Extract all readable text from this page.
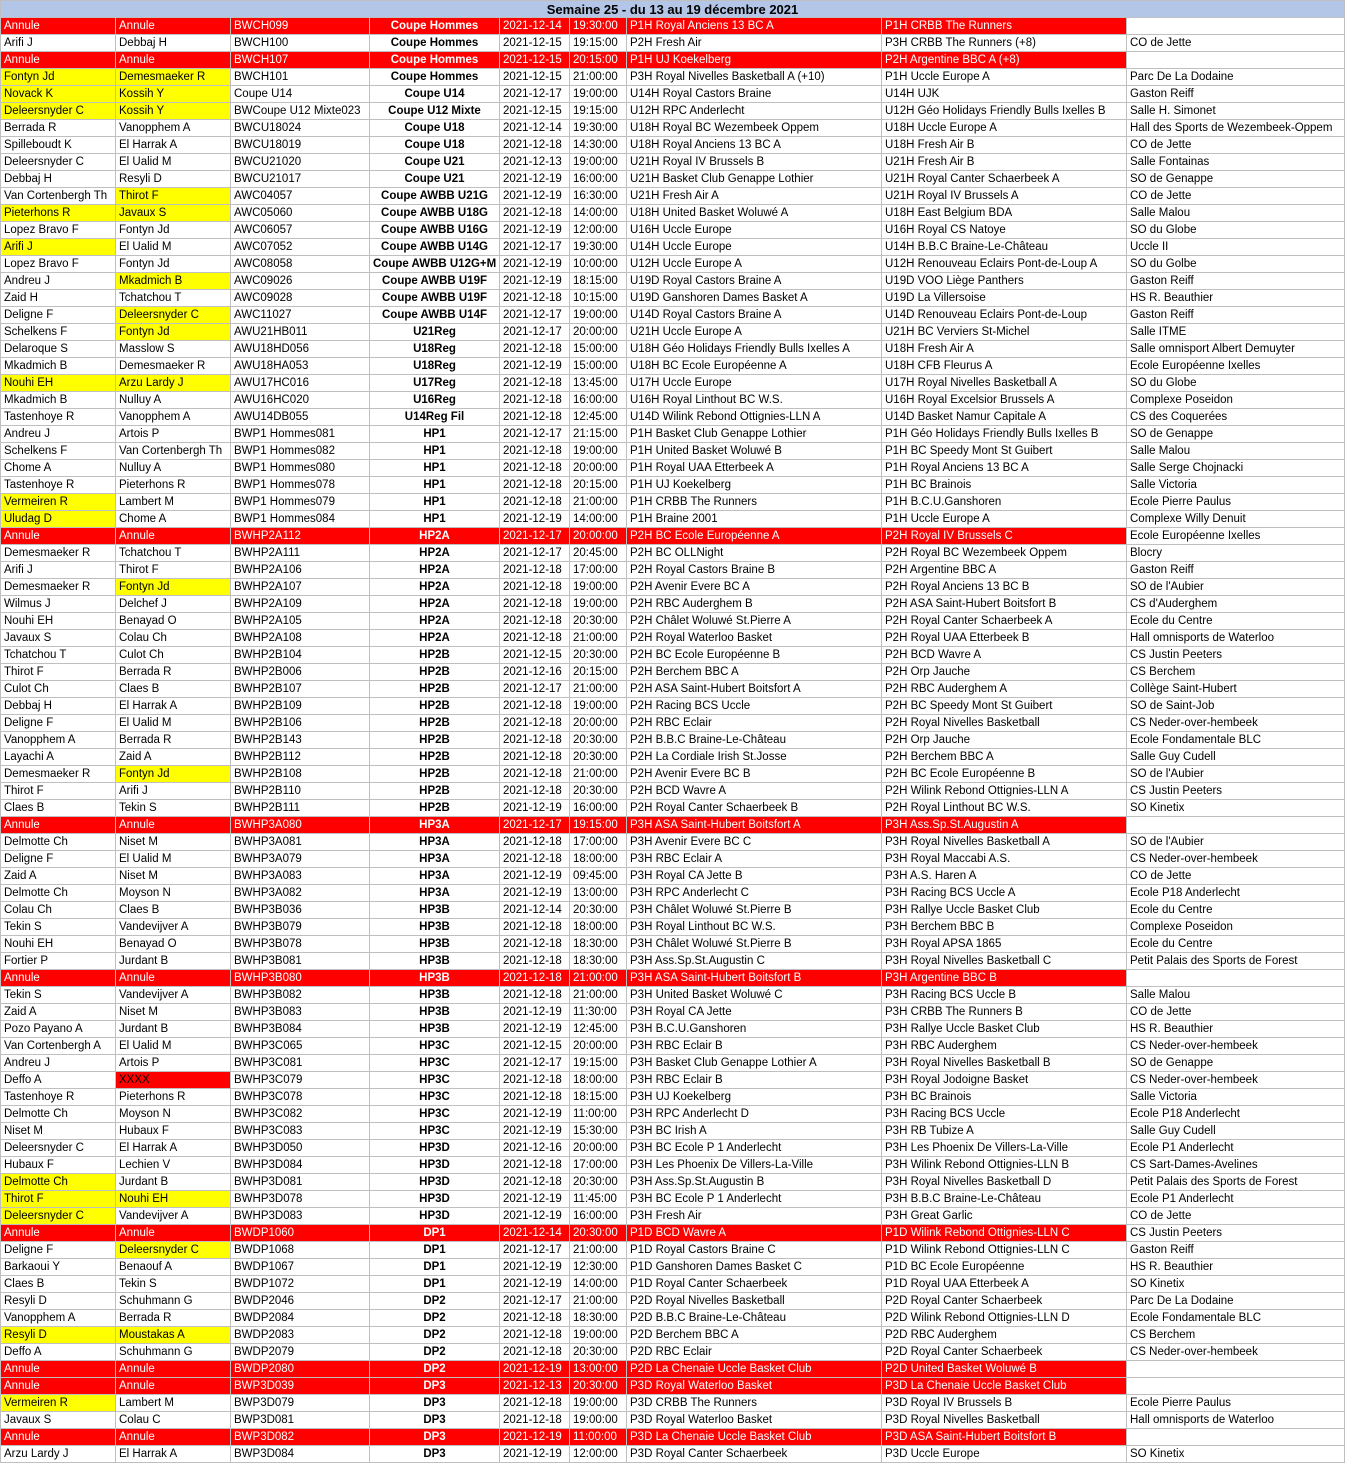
Semaine 25 - du 13 au 19 décembre 2021								
Annule	Annule	BWCH099	Coupe Hommes	2021-12-14	19:30:00	P1H Royal Anciens 13 BC A	P1H CRBB The Runners	
Arifi J	Debbaj H	BWCH100	Coupe Hommes	2021-12-15	19:15:00	P2H Fresh Air	P3H CRBB The Runners (+8)	CO de Jette
Annule	Annule	BWCH107	Coupe Hommes	2021-12-15	20:15:00	P1H UJ Koekelberg	P2H Argentine BBC A (+8)	
Fontyn Jd	Demesmaeker R	BWCH101	Coupe Hommes	2021-12-15	21:00:00	P3H Royal Nivelles Basketball A (+10)	P1H Uccle Europe A	Parc De La Dodaine
Novack K	Kossih Y	Coupe U14	Coupe U14	2021-12-17	19:00:00	U14H Royal Castors Braine	U14H UJK	Gaston Reiff
Deleersnyder C	Kossih Y	BWCoupe U12 Mixte023	Coupe U12 Mixte	2021-12-15	19:15:00	U12H RPC Anderlecht	U12H Géo Holidays Friendly Bulls Ixelles B	Salle H. Simonet
Berrada R	Vanopphem A	BWCU18024	Coupe U18	2021-12-14	19:30:00	U18H Royal BC Wezembeek Oppem	U18H Uccle Europe A	Hall des Sports de Wezembeek-Oppem
Spilleboudt K	El Harrak A	BWCU18019	Coupe U18	2021-12-18	14:30:00	U18H Royal Anciens 13 BC A	U18H Fresh Air B	CO de Jette
Deleersnyder C	El Ualid M	BWCU21020	Coupe U21	2021-12-13	19:00:00	U21H Royal IV Brussels B	U21H Fresh Air B	Salle Fontainas
Debbaj H	Resyli D	BWCU21017	Coupe U21	2021-12-19	16:00:00	U21H Basket Club Genappe Lothier	U21H Royal Canter Schaerbeek A	SO de Genappe
Van Cortenbergh Th	Thirot F	AWC04057	Coupe AWBB U21G	2021-12-19	16:30:00	U21H Fresh Air A	U21H Royal IV Brussels A	CO de Jette
Pieterhons R	Javaux S	AWC05060	Coupe AWBB U18G	2021-12-18	14:00:00	U18H United Basket Woluwé A	U18H East Belgium BDA	Salle Malou
Lopez Bravo F	Fontyn Jd	AWC06057	Coupe AWBB U16G	2021-12-19	12:00:00	U16H Uccle Europe	U16H Royal CS Natoye	SO du Globe
Arifi J	El Ualid M	AWC07052	Coupe AWBB U14G	2021-12-17	19:30:00	U14H Uccle Europe	U14H B.B.C Braine-Le-Château	Uccle II
Lopez Bravo F	Fontyn Jd	AWC08058	Coupe AWBB U12G+M	2021-12-19	10:00:00	U12H Uccle Europe A	U12H Renouveau Eclairs Pont-de-Loup A	SO du Golbe
Andreu J	Mkadmich B	AWC09026	Coupe AWBB U19F	2021-12-19	18:15:00	U19D Royal Castors Braine A	U19D VOO Liège Panthers	Gaston Reiff
Zaid H	Tchatchou T	AWC09028	Coupe AWBB U19F	2021-12-18	10:15:00	U19D Ganshoren Dames Basket A	U19D La Villersoise	HS R. Beauthier
Deligne F	Deleersnyder C	AWC11027	Coupe AWBB U14F	2021-12-17	19:00:00	U14D Royal Castors Braine A	U14D Renouveau Eclairs Pont-de-Loup	Gaston Reiff
Schelkens F	Fontyn Jd	AWU21HB011	U21Reg	2021-12-17	20:00:00	U21H Uccle Europe A	U21H BC Verviers St-Michel	Salle ITME
Delaroque S	Masslow S	AWU18HD056	U18Reg	2021-12-18	15:00:00	U18H Géo Holidays Friendly Bulls Ixelles A	U18H Fresh Air A	Salle omnisport Albert Demuyter
Mkadmich B	Demesmaeker R	AWU18HA053	U18Reg	2021-12-19	15:00:00	U18H BC Ecole Européenne A	U18H CFB Fleurus A	Ecole Européenne Ixelles
Nouhi EH	Arzu Lardy J	AWU17HC016	U17Reg	2021-12-18	13:45:00	U17H Uccle Europe	U17H Royal Nivelles Basketball A	SO du Globe
Mkadmich B	Nulluy A	AWU16HC020	U16Reg	2021-12-18	16:00:00	U16H Royal Linthout BC W.S.	U16H Royal Excelsior Brussels A	Complexe Poseidon
Tastenhoye R	Vanopphem A	AWU14DB055	U14Reg Fil	2021-12-18	12:45:00	U14D Wilink Rebond Ottignies-LLN A	U14D Basket Namur Capitale A	CS des Coquerées
Andreu J	Artois P	BWP1 Hommes081	HP1	2021-12-17	21:15:00	P1H Basket Club Genappe Lothier	P1H Géo Holidays Friendly Bulls Ixelles B	SO de Genappe
Schelkens F	Van Cortenbergh Th	BWP1 Hommes082	HP1	2021-12-18	19:00:00	P1H United Basket Woluwé B	P1H BC Speedy Mont St Guibert	Salle Malou
Chome A	Nulluy A	BWP1 Hommes080	HP1	2021-12-18	20:00:00	P1H Royal UAA Etterbeek A	P1H Royal Anciens 13 BC A	Salle Serge Chojnacki
Tastenhoye R	Pieterhons R	BWP1 Hommes078	HP1	2021-12-18	20:15:00	P1H UJ Koekelberg	P1H BC Brainois	Salle Victoria
Vermeiren R	Lambert M	BWP1 Hommes079	HP1	2021-12-18	21:00:00	P1H CRBB The Runners	P1H B.C.U.Ganshoren	Ecole Pierre Paulus
Uludag D	Chome A	BWP1 Hommes084	HP1	2021-12-19	14:00:00	P1H Braine 2001	P1H Uccle Europe A	Complexe Willy Denuit
Annule	Annule	BWHP2A112	HP2A	2021-12-17	20:00:00	P2H BC Ecole Européenne A	P2H Royal IV Brussels C	Ecole Européenne Ixelles
Demesmaeker R	Tchatchou T	BWHP2A111	HP2A	2021-12-17	20:45:00	P2H BC OLLNight	P2H Royal BC Wezembeek Oppem	Blocry
Arifi J	Thirot F	BWHP2A106	HP2A	2021-12-18	17:00:00	P2H Royal Castors Braine B	P2H Argentine BBC A	Gaston Reiff
Demesmaeker R	Fontyn Jd	BWHP2A107	HP2A	2021-12-18	19:00:00	P2H Avenir Evere BC A	P2H Royal Anciens 13 BC B	SO de l'Aubier
Wilmus J	Delchef J	BWHP2A109	HP2A	2021-12-18	19:00:00	P2H RBC Auderghem B	P2H ASA Saint-Hubert Boitsfort B	CS d'Auderghem
Nouhi EH	Benayad O	BWHP2A105	HP2A	2021-12-18	20:30:00	P2H Châlet Woluwé St.Pierre A	P2H Royal Canter Schaerbeek A	Ecole du Centre
Javaux S	Colau Ch	BWHP2A108	HP2A	2021-12-18	21:00:00	P2H Royal Waterloo Basket	P2H Royal UAA Etterbeek B	Hall omnisports de Waterloo
Tchatchou T	Culot Ch	BWHP2B104	HP2B	2021-12-15	20:30:00	P2H BC Ecole Européenne B	P2H BCD Wavre A	CS Justin Peeters
Thirot F	Berrada R	BWHP2B006	HP2B	2021-12-16	20:15:00	P2H Berchem BBC A	P2H Orp Jauche	CS Berchem
Culot Ch	Claes B	BWHP2B107	HP2B	2021-12-17	21:00:00	P2H ASA Saint-Hubert Boitsfort A	P2H RBC Auderghem A	Collège Saint-Hubert
Debbaj H	El Harrak A	BWHP2B109	HP2B	2021-12-18	19:00:00	P2H Racing BCS Uccle	P2H BC Speedy Mont St Guibert	SO de Saint-Job
Deligne F	El Ualid M	BWHP2B106	HP2B	2021-12-18	20:00:00	P2H RBC Eclair	P2H Royal Nivelles Basketball	CS Neder-over-hembeek
Vanopphem A	Berrada R	BWHP2B143	HP2B	2021-12-18	20:30:00	P2H B.B.C Braine-Le-Château	P2H Orp Jauche	Ecole Fondamentale BLC
Layachi A	Zaid A	BWHP2B112	HP2B	2021-12-18	20:30:00	P2H La Cordiale Irish St.Josse	P2H Berchem BBC A	Salle Guy Cudell
Demesmaeker R	Fontyn Jd	BWHP2B108	HP2B	2021-12-18	21:00:00	P2H Avenir Evere BC B	P2H BC Ecole Européenne B	SO de l'Aubier
Thirot F	Arifi J	BWHP2B110	HP2B	2021-12-18	20:30:00	P2H BCD Wavre A	P2H Wilink Rebond Ottignies-LLN A	CS Justin Peeters
Claes B	Tekin S	BWHP2B111	HP2B	2021-12-19	16:00:00	P2H Royal Canter Schaerbeek B	P2H Royal Linthout BC W.S.	SO Kinetix
Annule	Annule	BWHP3A080	HP3A	2021-12-17	19:15:00	P3H ASA Saint-Hubert Boitsfort A	P3H Ass.Sp.St.Augustin A	
Delmotte Ch	Niset M	BWHP3A081	HP3A	2021-12-18	17:00:00	P3H Avenir Evere BC C	P3H Royal Nivelles Basketball A	SO de l'Aubier
Deligne F	El Ualid M	BWHP3A079	HP3A	2021-12-18	18:00:00	P3H RBC Eclair A	P3H Royal Maccabi A.S.	CS Neder-over-hembeek
Zaid A	Niset M	BWHP3A083	HP3A	2021-12-19	09:45:00	P3H Royal CA Jette B	P3H A.S. Haren A	CO de Jette
Delmotte Ch	Moyson N	BWHP3A082	HP3A	2021-12-19	13:00:00	P3H RPC Anderlecht C	P3H Racing BCS Uccle A	Ecole P18 Anderlecht
Colau Ch	Claes B	BWHP3B036	HP3B	2021-12-14	20:30:00	P3H Châlet Woluwé St.Pierre B	P3H Rallye Uccle Basket Club	Ecole du Centre
Tekin S	Vandevijver A	BWHP3B079	HP3B	2021-12-18	18:00:00	P3H Royal Linthout BC W.S.	P3H Berchem BBC B	Complexe Poseidon
Nouhi EH	Benayad O	BWHP3B078	HP3B	2021-12-18	18:30:00	P3H Châlet Woluwé St.Pierre B	P3H Royal APSA 1865	Ecole du Centre
Fortier P	Jurdant B	BWHP3B081	HP3B	2021-12-18	18:30:00	P3H Ass.Sp.St.Augustin C	P3H Royal Nivelles Basketball C	Petit Palais des Sports de Forest
Annule	Annule	BWHP3B080	HP3B	2021-12-18	21:00:00	P3H ASA Saint-Hubert Boitsfort B	P3H Argentine BBC B	
Tekin S	Vandevijver A	BWHP3B082	HP3B	2021-12-18	21:00:00	P3H United Basket Woluwé C	P3H Racing BCS Uccle B	Salle Malou
Zaid A	Niset M	BWHP3B083	HP3B	2021-12-19	11:30:00	P3H Royal CA Jette	P3H CRBB The Runners B	CO de Jette
Pozo Payano A	Jurdant B	BWHP3B084	HP3B	2021-12-19	12:45:00	P3H B.C.U.Ganshoren	P3H Rallye Uccle Basket Club	HS R. Beauthier
Van Cortenbergh A	El Ualid M	BWHP3C065	HP3C	2021-12-15	20:00:00	P3H RBC Eclair B	P3H RBC Auderghem	CS Neder-over-hembeek
Andreu J	Artois P	BWHP3C081	HP3C	2021-12-17	19:15:00	P3H Basket Club Genappe Lothier A	P3H Royal Nivelles Basketball B	SO de Genappe
Deffo A	XXXX	BWHP3C079	HP3C	2021-12-18	18:00:00	P3H RBC Eclair B	P3H Royal Jodoigne Basket	CS Neder-over-hembeek
Tastenhoye R	Pieterhons R	BWHP3C078	HP3C	2021-12-18	18:15:00	P3H UJ Koekelberg	P3H BC Brainois	Salle Victoria
Delmotte Ch	Moyson N	BWHP3C082	HP3C	2021-12-19	11:00:00	P3H RPC Anderlecht D	P3H Racing BCS Uccle	Ecole P18 Anderlecht
Niset M	Hubaux F	BWHP3C083	HP3C	2021-12-19	15:30:00	P3H BC Irish A	P3H RB Tubize A	Salle Guy Cudell
Deleersnyder C	El Harrak A	BWHP3D050	HP3D	2021-12-16	20:00:00	P3H BC Ecole P 1 Anderlecht	P3H Les Phoenix De Villers-La-Ville	Ecole P1 Anderlecht
Hubaux F	Lechien V	BWHP3D084	HP3D	2021-12-18	17:00:00	P3H Les Phoenix De Villers-La-Ville	P3H Wilink Rebond Ottignies-LLN B	CS Sart-Dames-Avelines
Delmotte Ch	Jurdant B	BWHP3D081	HP3D	2021-12-18	20:30:00	P3H Ass.Sp.St.Augustin B	P3H Royal Nivelles Basketball D	Petit Palais des Sports de Forest
Thirot F	Nouhi EH	BWHP3D078	HP3D	2021-12-19	11:45:00	P3H BC Ecole P 1 Anderlecht	P3H B.B.C Braine-Le-Château	Ecole P1 Anderlecht
Deleersnyder C	Vandevijver A	BWHP3D083	HP3D	2021-12-19	16:00:00	P3H Fresh Air	P3H Great Garlic	CO de Jette
Annule	Annule	BWDP1060	DP1	2021-12-14	20:30:00	P1D BCD Wavre A	P1D Wilink Rebond Ottignies-LLN C	CS Justin Peeters
Deligne F	Deleersnyder C	BWDP1068	DP1	2021-12-17	21:00:00	P1D Royal Castors Braine C	P1D Wilink Rebond Ottignies-LLN C	Gaston Reiff
Barkaoui Y	Benaouf A	BWDP1067	DP1	2021-12-19	12:30:00	P1D Ganshoren Dames Basket C	P1D BC Ecole Européenne	HS R. Beauthier
Claes B	Tekin S	BWDP1072	DP1	2021-12-19	14:00:00	P1D Royal Canter Schaerbeek	P1D Royal UAA Etterbeek A	SO Kinetix
Resyli D	Schuhmann G	BWDP2046	DP2	2021-12-17	21:00:00	P2D Royal Nivelles Basketball	P2D Royal Canter Schaerbeek	Parc De La Dodaine
Vanopphem A	Berrada R	BWDP2084	DP2	2021-12-18	18:30:00	P2D B.B.C Braine-Le-Château	P2D Wilink Rebond Ottignies-LLN D	Ecole Fondamentale BLC
Resyli D	Moustakas A	BWDP2083	DP2	2021-12-18	19:00:00	P2D Berchem BBC A	P2D RBC Auderghem	CS Berchem
Deffo A	Schuhmann G	BWDP2079	DP2	2021-12-18	20:30:00	P2D RBC Eclair	P2D Royal Canter Schaerbeek	CS Neder-over-hembeek
Annule	Annule	BWDP2080	DP2	2021-12-19	13:00:00	P2D La Chenaie Uccle Basket Club	P2D United Basket Woluwé B	
Annule	Annule	BWP3D039	DP3	2021-12-13	20:30:00	P3D Royal Waterloo Basket	P3D La Chenaie Uccle Basket Club	
Vermeiren R	Lambert M	BWP3D079	DP3	2021-12-18	19:00:00	P3D CRBB The Runners	P3D Royal IV Brussels B	Ecole Pierre Paulus
Javaux S	Colau C	BWP3D081	DP3	2021-12-18	19:00:00	P3D Royal Waterloo Basket	P3D Royal Nivelles Basketball	Hall omnisports de Waterloo
Annule	Annule	BWP3D082	DP3	2021-12-19	11:00:00	P3D La Chenaie Uccle Basket Club	P3D ASA Saint-Hubert Boitsfort B	
Arzu Lardy J	El Harrak A	BWP3D084	DP3	2021-12-19	12:00:00	P3D Royal Canter Schaerbeek	P3D Uccle Europe	SO Kinetix
